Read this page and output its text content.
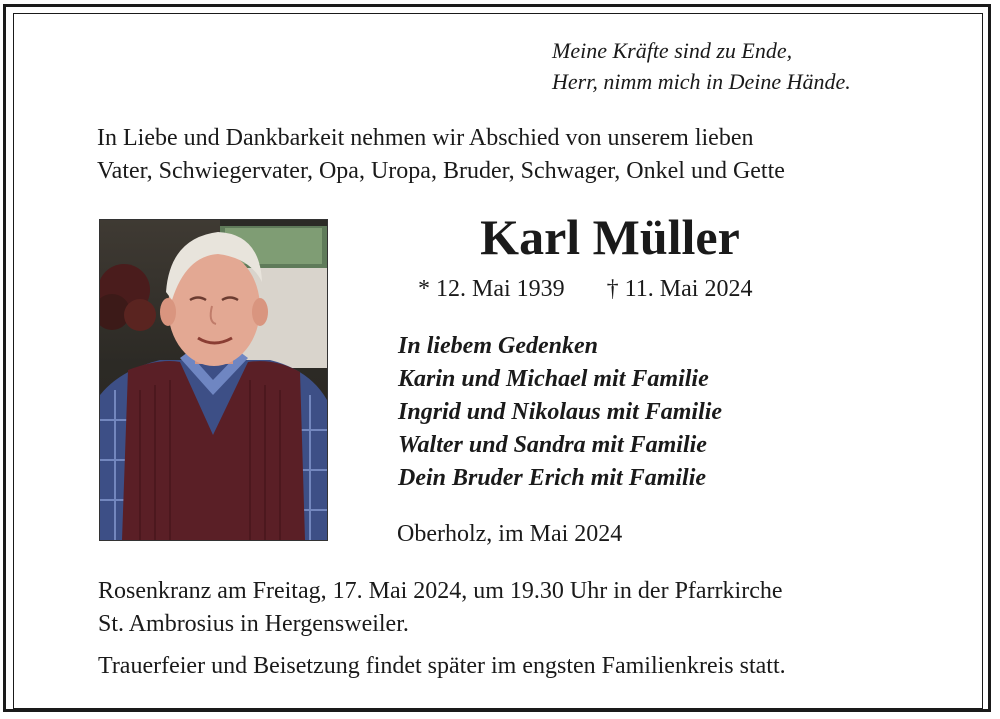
Meine Kräfte sind zu Ende,
Herr, nimm mich in Deine Hände.
In Liebe und Dankbarkeit nehmen wir Abschied von unserem lieben
Vater, Schwiegervater, Opa, Uropa, Bruder, Schwager, Onkel und Gette
Karl Müller
* 12. Mai 1939 † 11. Mai 2024
In liebem Gedenken
Karin und Michael mit Familie
Ingrid und Nikolaus mit Familie
Walter und Sandra mit Familie
Dein Bruder Erich mit Familie
Oberholz, im Mai 2024
Rosenkranz am Freitag, 17. Mai 2024, um 19.30 Uhr in der Pfarrkirche
St. Ambrosius in Hergensweiler.
Trauerfeier und Beisetzung findet später im engsten Familienkreis statt.
